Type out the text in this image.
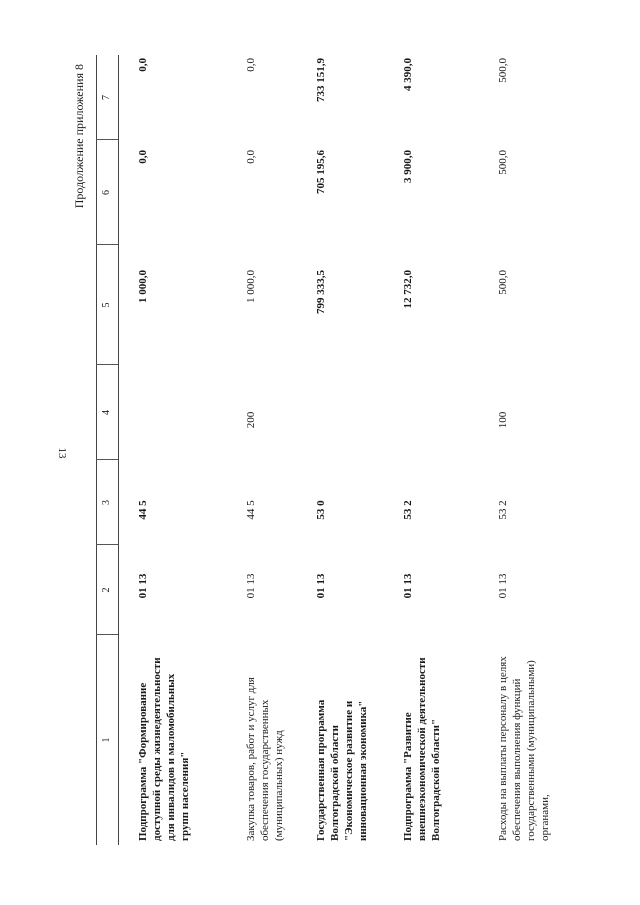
13
Продолжение приложения 8
1
2
3
4
5
6
7
Подпрограмма "Формирование доступной среды жизнедеятельности для инвалидов и маломобильных групп населения"
01 13
44 5
1 000,0
0,0
0,0
Закупка товаров, работ и услуг для обеспечения государственных (муниципальных) нужд
01 13
44 5
200
1 000,0
0,0
0,0
Государственная программа Волгоградской области "Экономическое развитие и инновационная экономика"
01 13
53 0
799 333,5
705 195,6
733 151,9
Подпрограмма "Развитие внешнеэкономической деятельности Волгоградской области"
01 13
53 2
12 732,0
3 900,0
4 390,0
Расходы на выплаты персоналу в целях обеспечения выполнения функций государственными (муниципальными) органами,
01 13
53 2
100
500,0
500,0
500,0
